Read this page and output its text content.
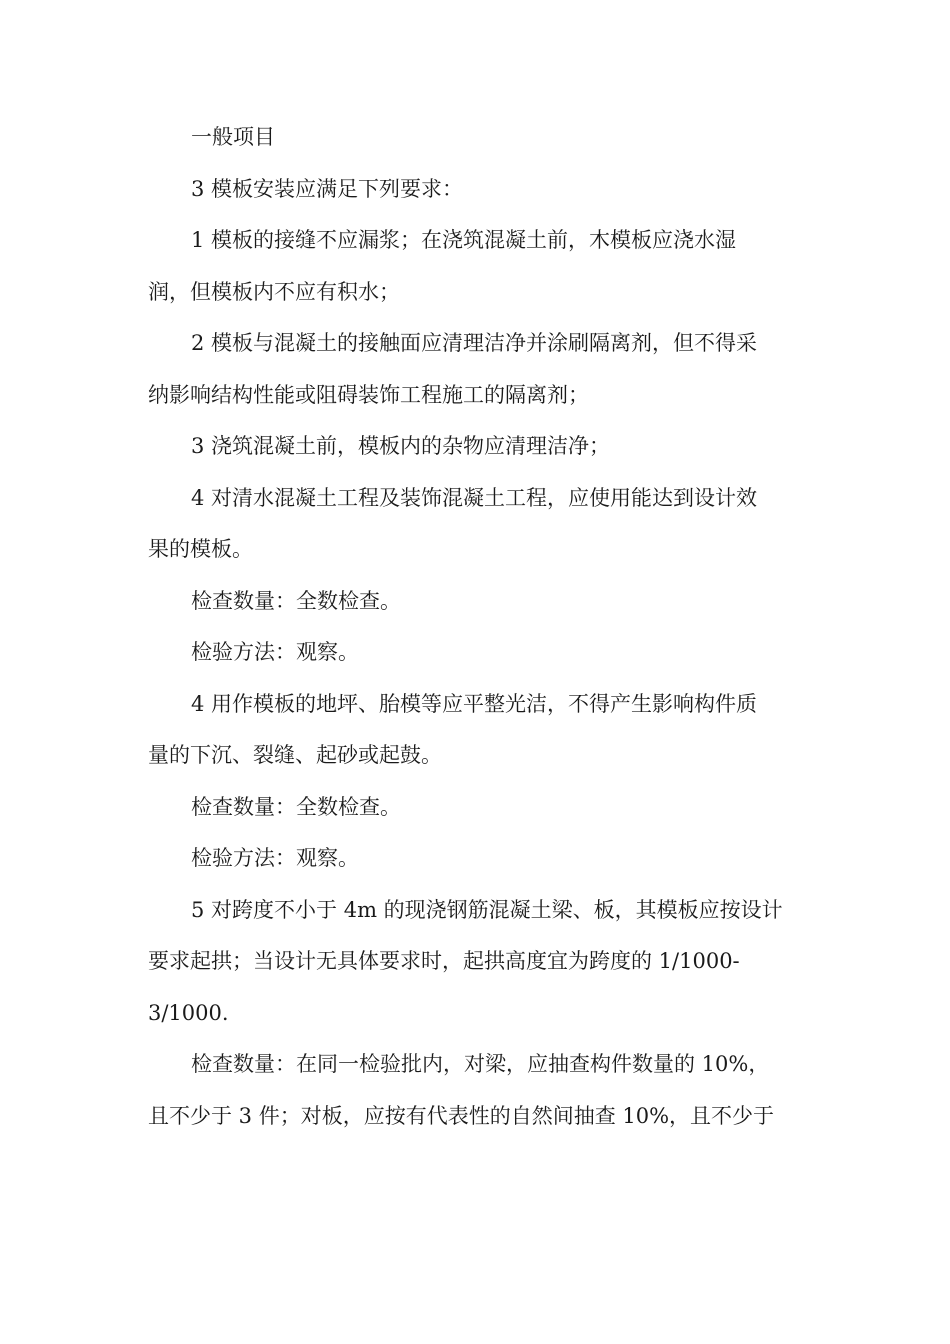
一般项目

3 模板安装应满足下列要求：

1 模板的接缝不应漏浆；在浇筑混凝土前，木模板应浇水湿
润，但模板内不应有积水；

2 模板与混凝土的接触面应清理洁净并涂刷隔离剂，但不得采
纳影响结构性能或阻碍装饰工程施工的隔离剂；

3 浇筑混凝土前，模板内的杂物应清理洁净；

4 对清水混凝土工程及装饰混凝土工程，应使用能达到设计效
果的模板。

检查数量：全数检查。

检验方法：观察。

4 用作模板的地坪、胎模等应平整光洁，不得产生影响构件质
量的下沉、裂缝、起砂或起鼓。

检查数量：全数检查。

检验方法：观察。

5 对跨度不小于 4m 的现浇钢筋混凝土梁、板，其模板应按设计
要求起拱；当设计无具体要求时，起拱高度宜为跨度的 1/1000-
3/1000.

检查数量：在同一检验批内，对梁，应抽查构件数量的 10%，
且不少于 3 件；对板，应按有代表性的自然间抽查 10%，且不少于
